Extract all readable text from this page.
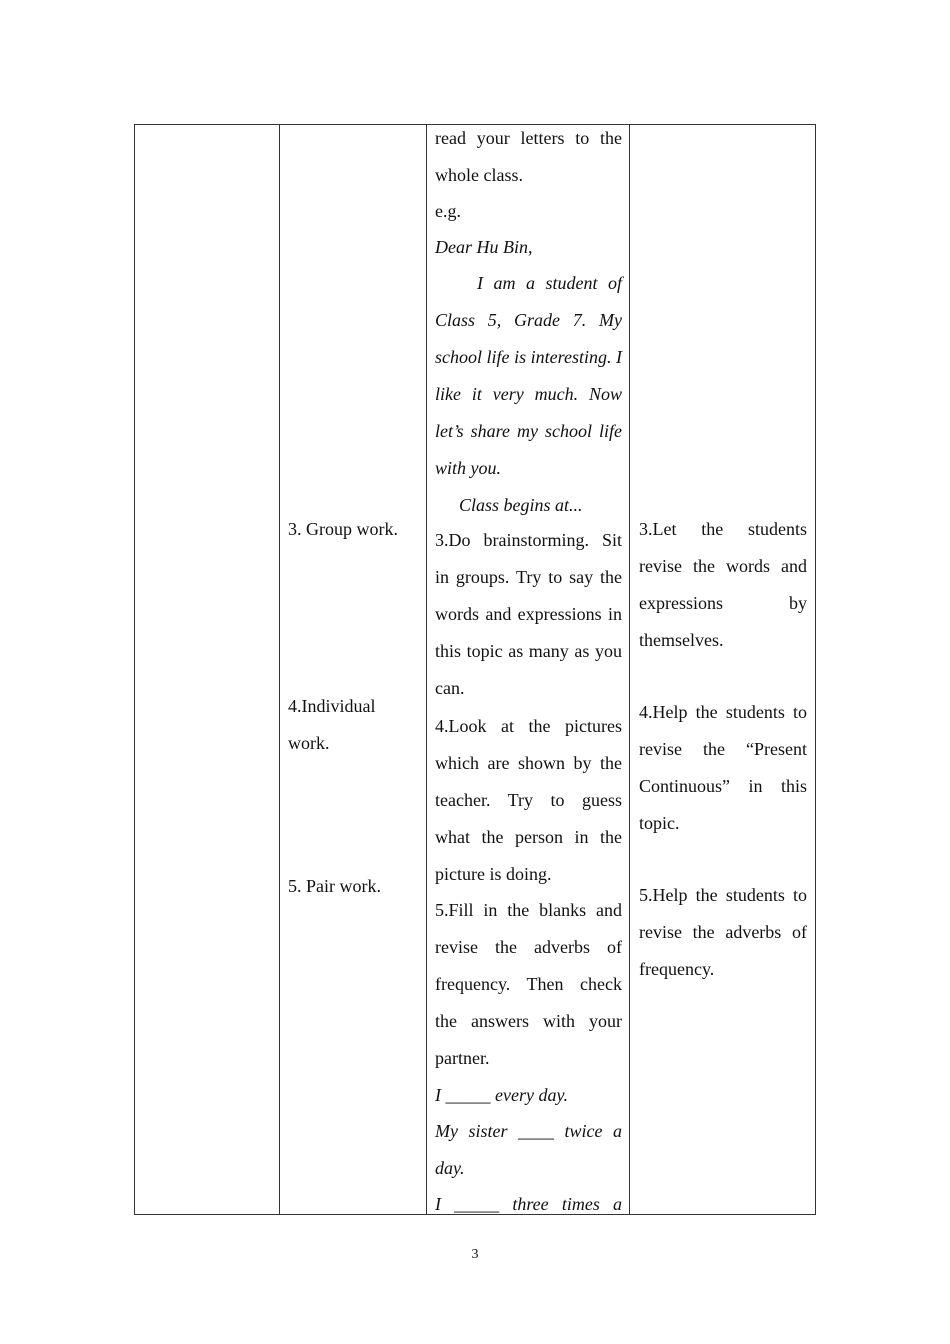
read your letters to the whole class.
e.g.
Dear Hu Bin,
I am a student of Class 5, Grade 7. My school life is interesting. I like it very much. Now let’s share my school life with you.
Class begins at...
3.Do brainstorming. Sit in groups. Try to say the words and expressions in this topic as many as you can.
4.Look at the pictures which are shown by the teacher. Try to guess what the person in the picture is doing.
5.Fill in the blanks and revise the adverbs of frequency. Then check the answers with your partner.
I _____ every day.
My sister ____ twice a day.
I _____ three times a
3. Group work.
4.Individual work.
5. Pair work.
3.Let the students revise the words and expressions by themselves.
4.Help the students to revise the “Present Continuous” in this topic.
5.Help the students to revise the adverbs of frequency.
3
